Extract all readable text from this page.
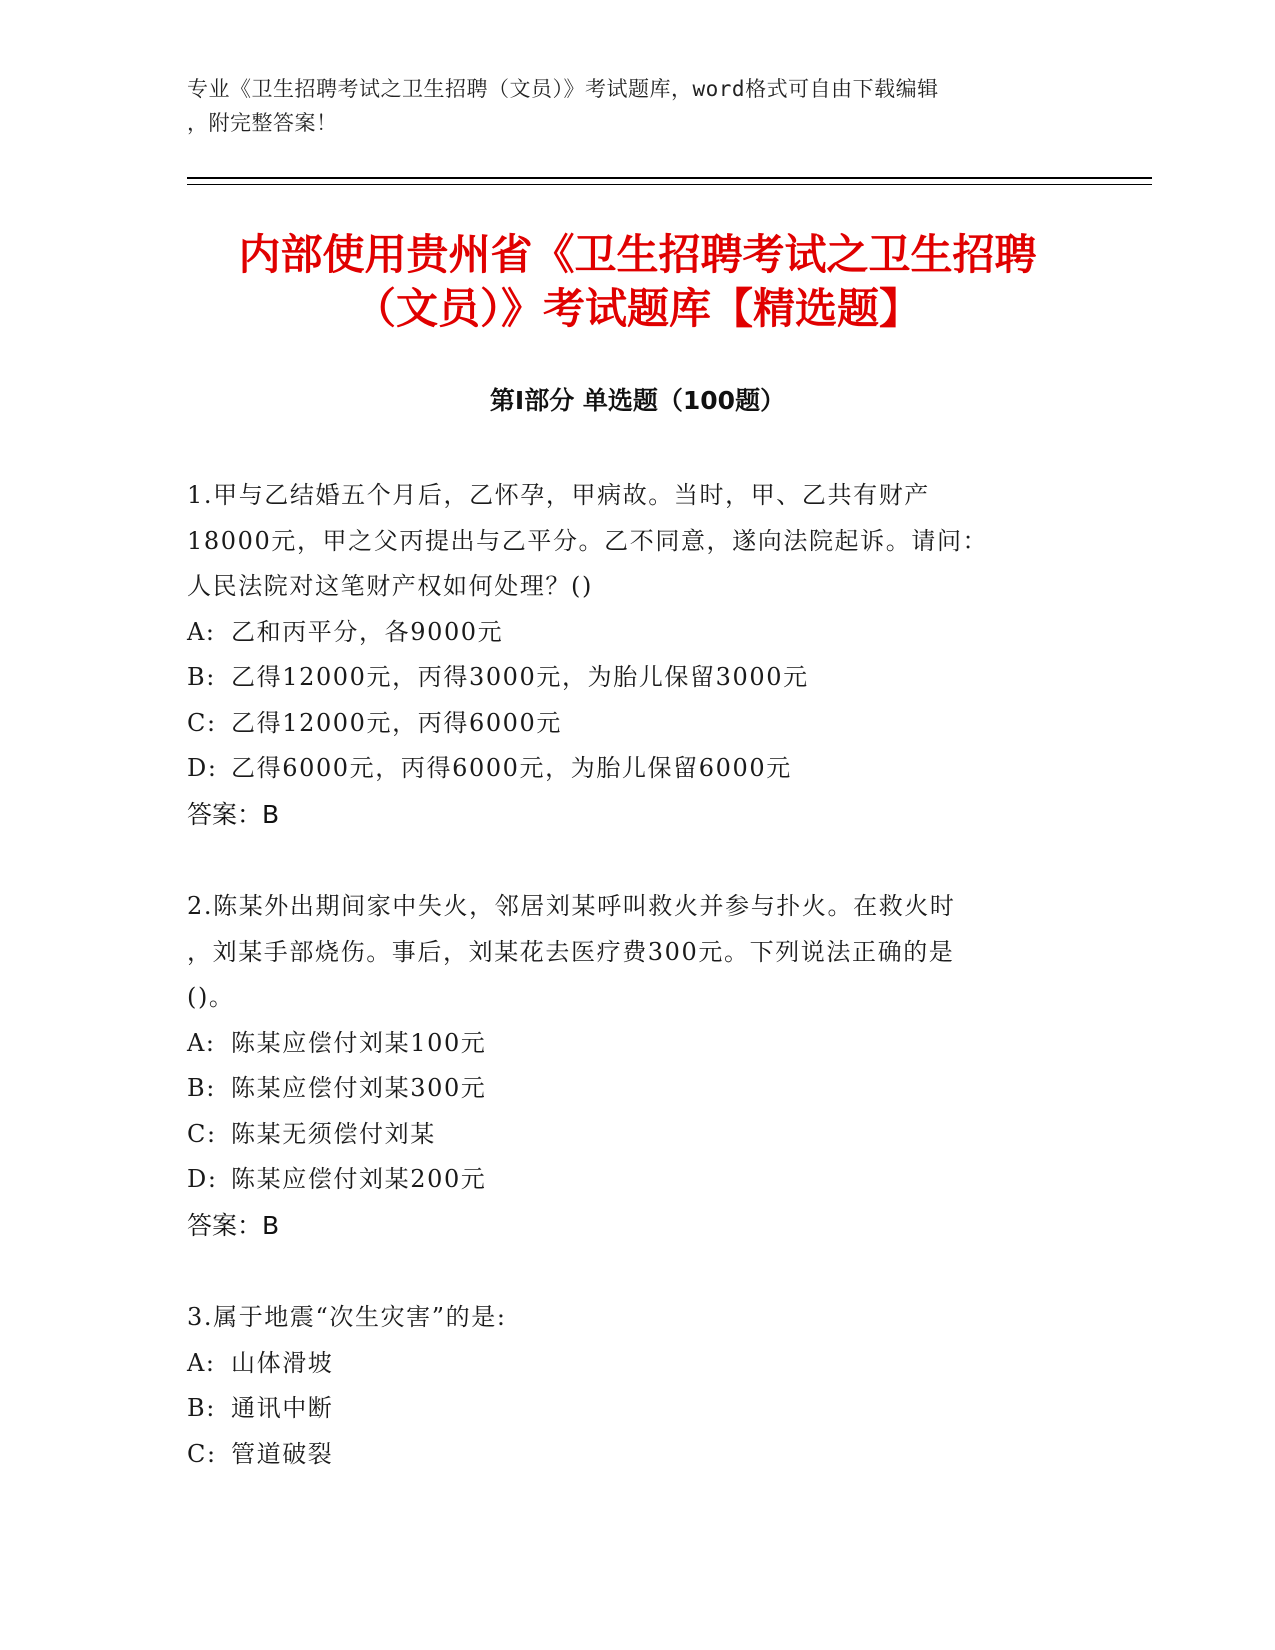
专业《卫生招聘考试之卫生招聘（文员）》考试题库，word格式可自由下载编辑
，附完整答案！
内部使用贵州省《卫生招聘考试之卫生招聘
（文员）》考试题库【精选题】
第Ⅰ部分 单选题（100题）
1.甲与乙结婚五个月后，乙怀孕，甲病故。当时，甲、乙共有财产
18000元，甲之父丙提出与乙平分。乙不同意，遂向法院起诉。请问：
人民法院对这笔财产权如何处理？()
A: 乙和丙平分，各9000元
B: 乙得12000元，丙得3000元，为胎儿保留3000元
C: 乙得12000元，丙得6000元
D: 乙得6000元，丙得6000元，为胎儿保留6000元
答案：B
2.陈某外出期间家中失火，邻居刘某呼叫救火并参与扑火。在救火时
，刘某手部烧伤。事后，刘某花去医疗费300元。下列说法正确的是
()。
A: 陈某应偿付刘某100元
B: 陈某应偿付刘某300元
C: 陈某无须偿付刘某
D: 陈某应偿付刘某200元
答案：B
3.属于地震“次生灾害”的是:
A: 山体滑坡
B: 通讯中断
C: 管道破裂
